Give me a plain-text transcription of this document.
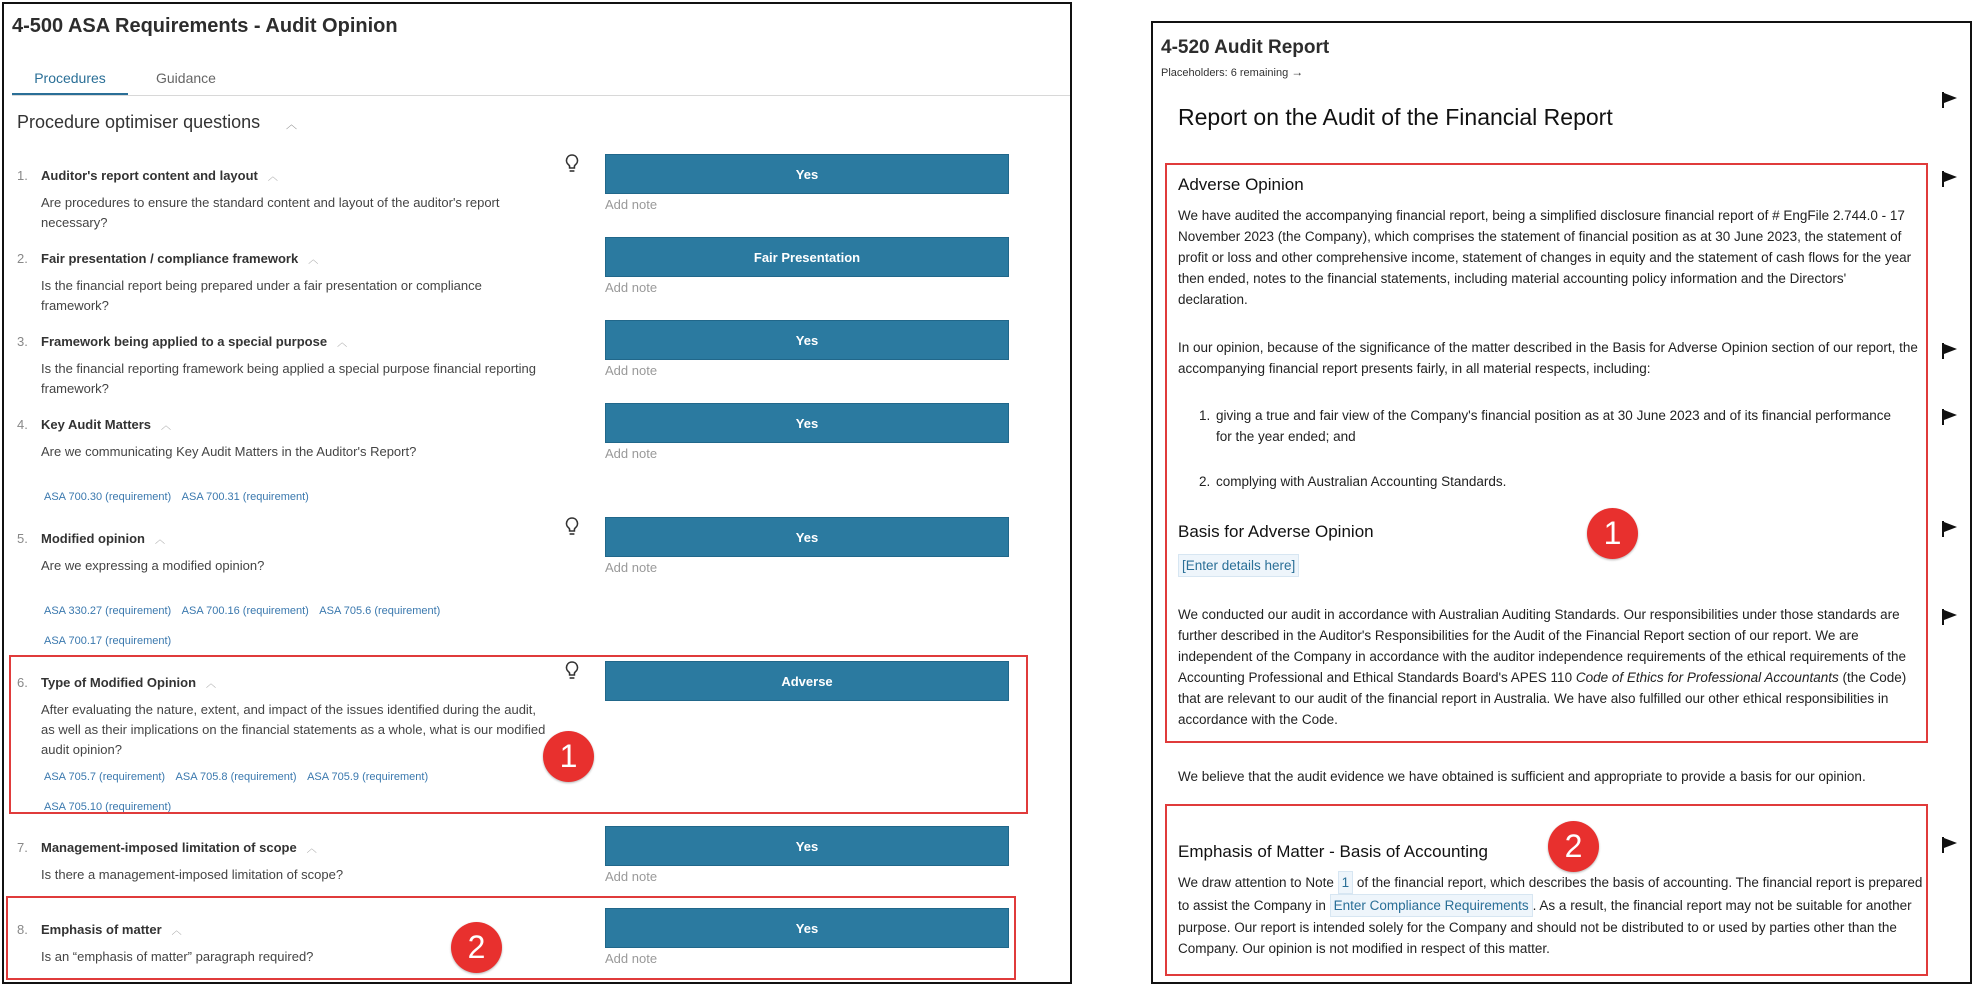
4-500 ASA Requirements - Audit Opinion
Procedures	Guidance
Procedure optimiser questions ︿
1. Auditor's report content and layout ︿
Are procedures to ensure the standard content and layout of the auditor's report necessary?
Yes
Add note
2. Fair presentation / compliance framework ︿
Is the financial report being prepared under a fair presentation or compliance framework?
Fair Presentation
Add note
3. Framework being applied to a special purpose ︿
Is the financial reporting framework being applied a special purpose financial reporting framework?
Yes
Add note
4. Key Audit Matters ︿
Are we communicating Key Audit Matters in the Auditor's Report?
Yes
Add note
ASA 700.30 (requirement) ASA 700.31 (requirement)
5. Modified opinion ︿
Are we expressing a modified opinion?
Yes
Add note
ASA 330.27 (requirement) ASA 700.16 (requirement) ASA 705.6 (requirement)
ASA 700.17 (requirement)
6. Type of Modified Opinion ︿
After evaluating the nature, extent, and impact of the issues identified during the audit, as well as their implications on the financial statements as a whole, what is our modified audit opinion?
Adverse
ASA 705.7 (requirement) ASA 705.8 (requirement) ASA 705.9 (requirement)
ASA 705.10 (requirement)
7. Management-imposed limitation of scope ︿
Is there a management-imposed limitation of scope?
Yes
Add note
8. Emphasis of matter ︿
Is an “emphasis of matter” paragraph required?
Yes
Add note
1
2
4-520 Audit Report
Placeholders: 6 remaining →
Report on the Audit of the Financial Report
Adverse Opinion
We have audited the accompanying financial report, being a simplified disclosure financial report of # EngFile 2.744.0 - 17 November 2023 (the Company), which comprises the statement of financial position as at 30 June 2023, the statement of profit or loss and other comprehensive income, statement of changes in equity and the statement of cash flows for the year then ended, notes to the financial statements, including material accounting policy information and the Directors' declaration.
In our opinion, because of the significance of the matter described in the Basis for Adverse Opinion section of our report, the accompanying financial report presents fairly, in all material respects, including:
1. giving a true and fair view of the Company's financial position as at 30 June 2023 and of its financial performance for the year ended; and
2. complying with Australian Accounting Standards.
Basis for Adverse Opinion
[Enter details here]
We conducted our audit in accordance with Australian Auditing Standards. Our responsibilities under those standards are further described in the Auditor's Responsibilities for the Audit of the Financial Report section of our report. We are independent of the Company in accordance with the auditor independence requirements of the ethical requirements of the Accounting Professional and Ethical Standards Board's APES 110 Code of Ethics for Professional Accountants (the Code) that are relevant to our audit of the financial report in Australia. We have also fulfilled our other ethical responsibilities in accordance with the Code.
We believe that the audit evidence we have obtained is sufficient and appropriate to provide a basis for our opinion.
Emphasis of Matter - Basis of Accounting
We draw attention to Note 1 of the financial report, which describes the basis of accounting. The financial report is prepared to assist the Company in Enter Compliance Requirements . As a result, the financial report may not be suitable for another purpose. Our report is intended solely for the Company and should not be distributed to or used by parties other than the Company. Our opinion is not modified in respect of this matter.
1
2
